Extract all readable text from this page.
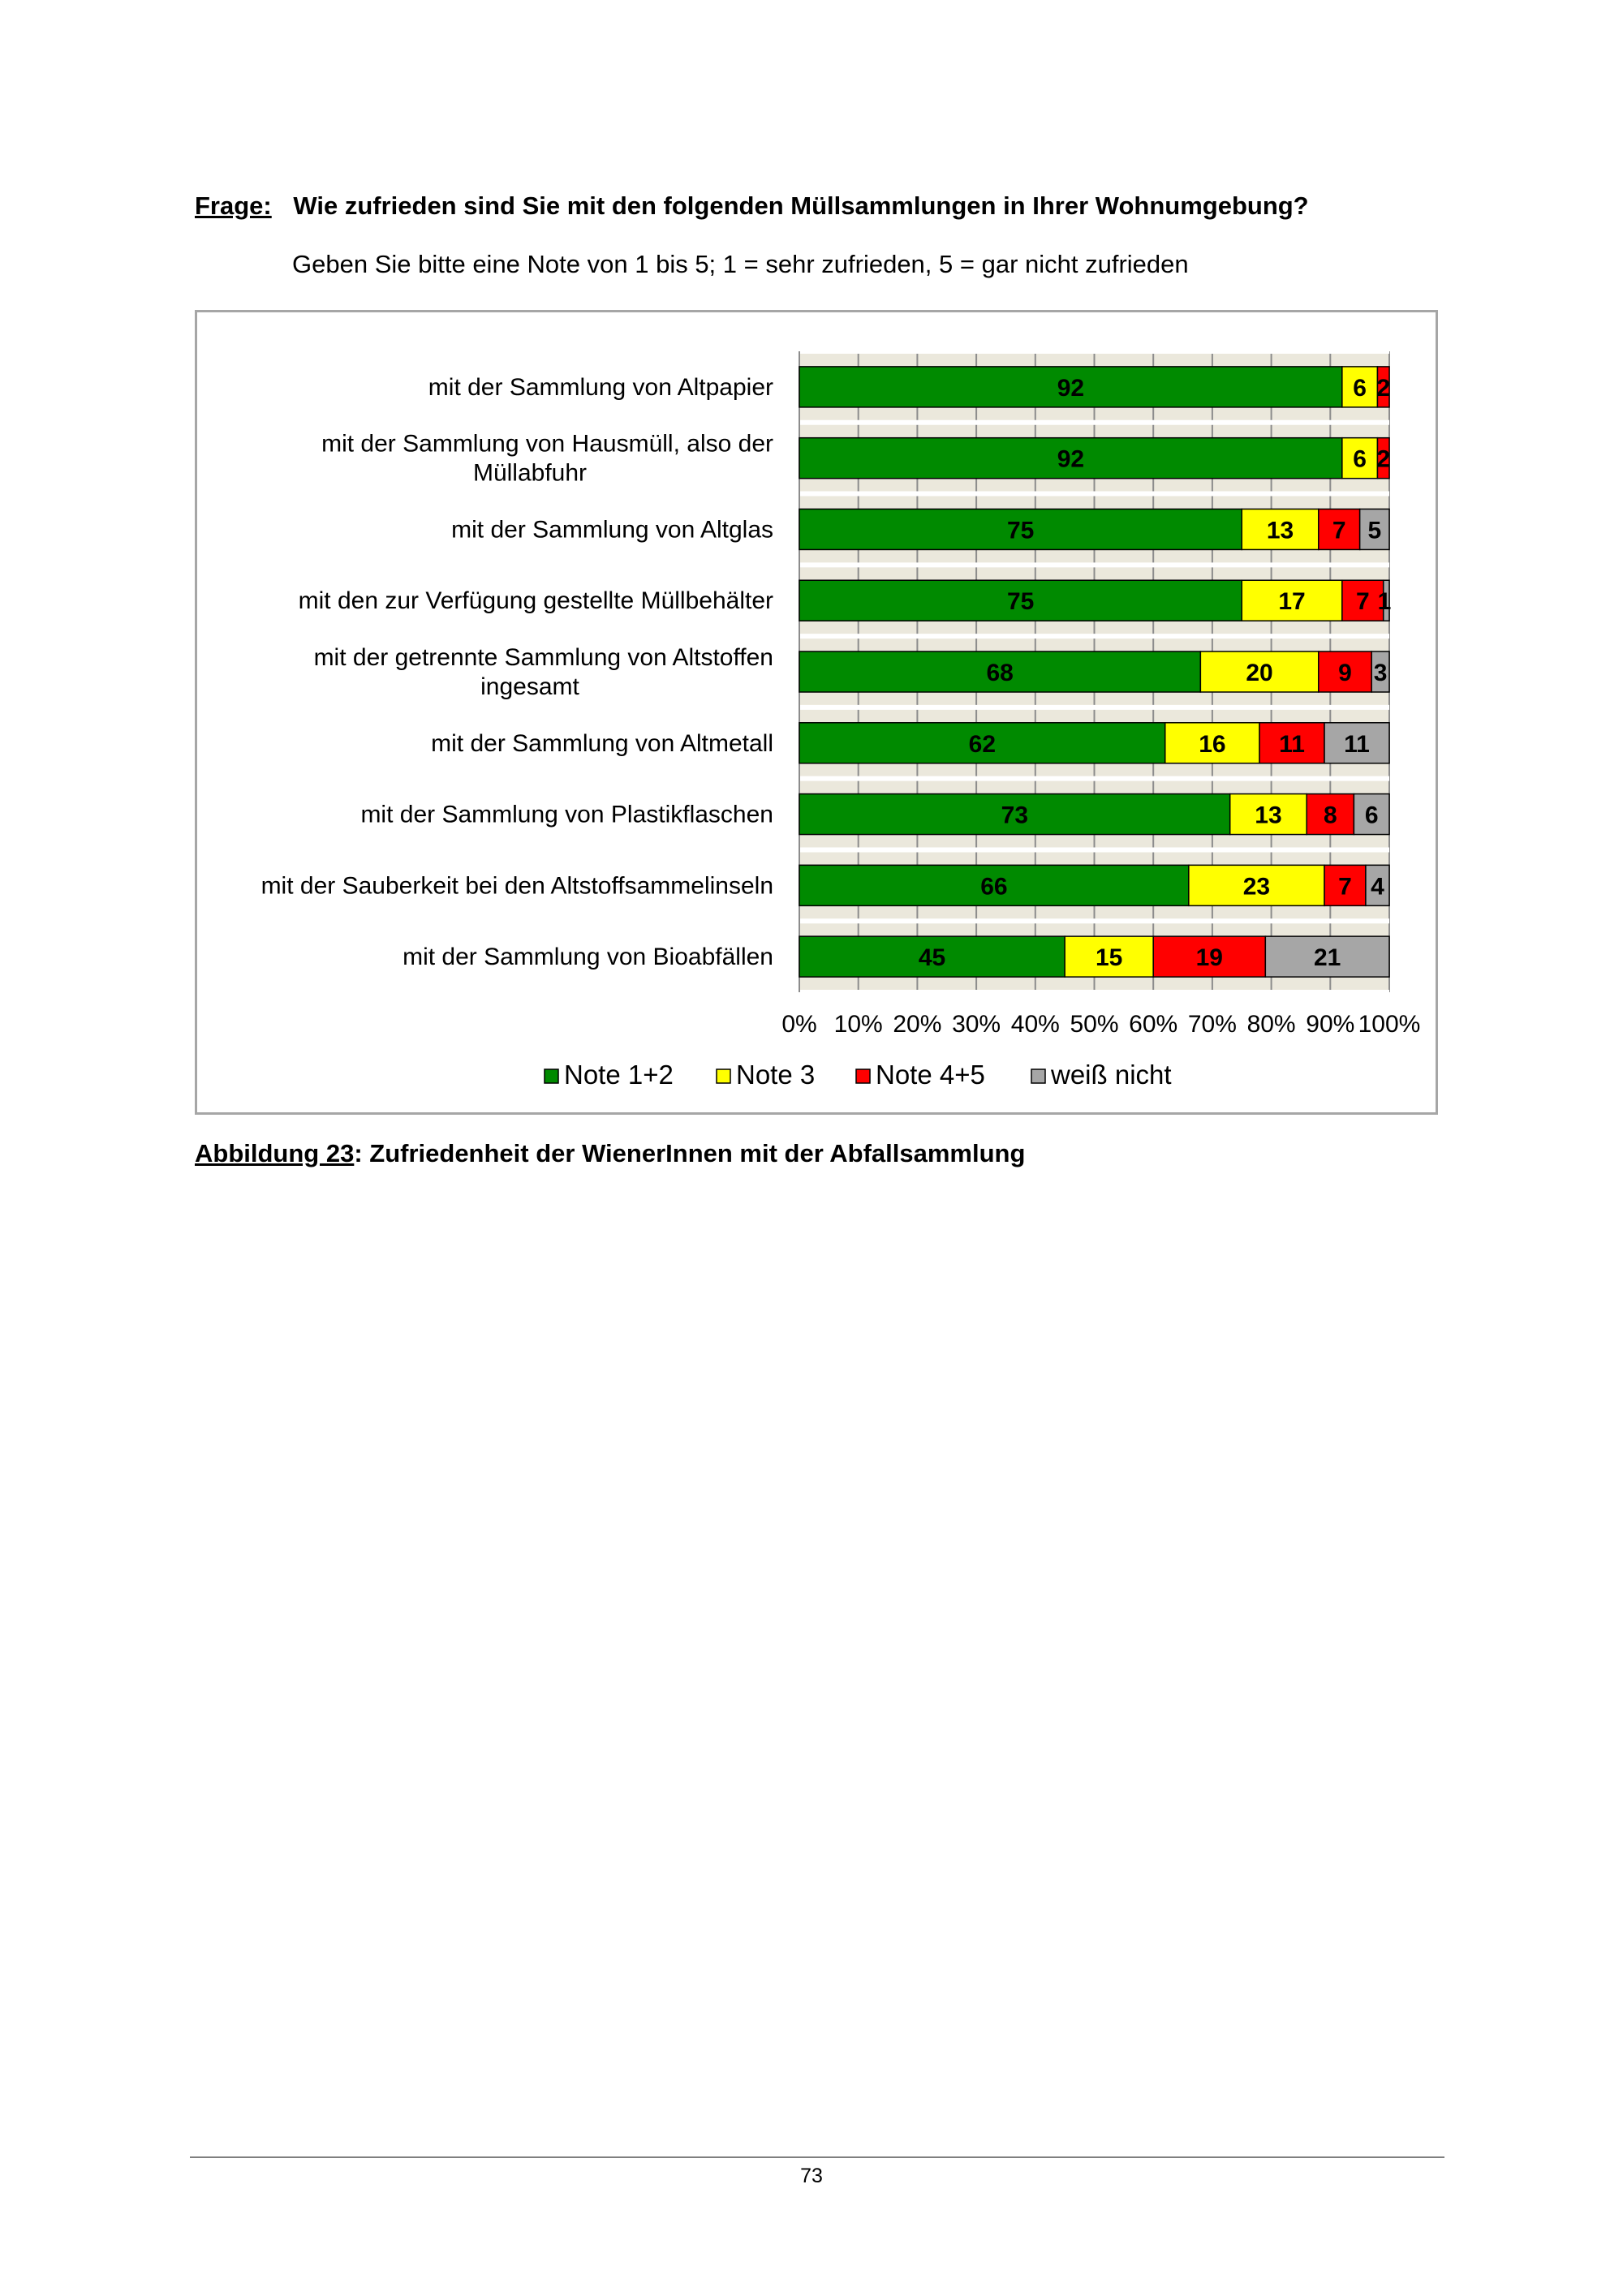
Frage: Wie zufrieden sind Sie mit den folgenden Müllsammlungen in Ihrer Wohnumgebung?
Geben Sie bitte eine Note von 1 bis 5; 1 = sehr zufrieden, 5 = gar nicht zufrieden
92	6 2
mit der Sammlung von Altpapier
92	6 2
mit der Sammlung von Hausmüll, also der
Müllabfuhr
75	13 7 5
mit der Sammlung von Altglas
75	17 7 1
mit den zur Verfügung gestellte Müllbehälter
68	20	9 3
mit der getrennte Sammlung von Altstoffen
ingesamt
62	16 11 11
mit der Sammlung von Altmetall
73	13 8 6
mit der Sammlung von Plastikflaschen
66	23	7 4
mit der Sauberkeit bei den Altstoffsammelinseln
45	15	19	21
mit der Sammlung von Bioabfällen
0% 10% 20% 30% 40% 50% 60% 70% 80% 90% 100%
Note 1+2 Note 3 Note 4+5 weiß nicht
Abbildung 23: Zufriedenheit der WienerInnen mit der Abfallsammlung
73
